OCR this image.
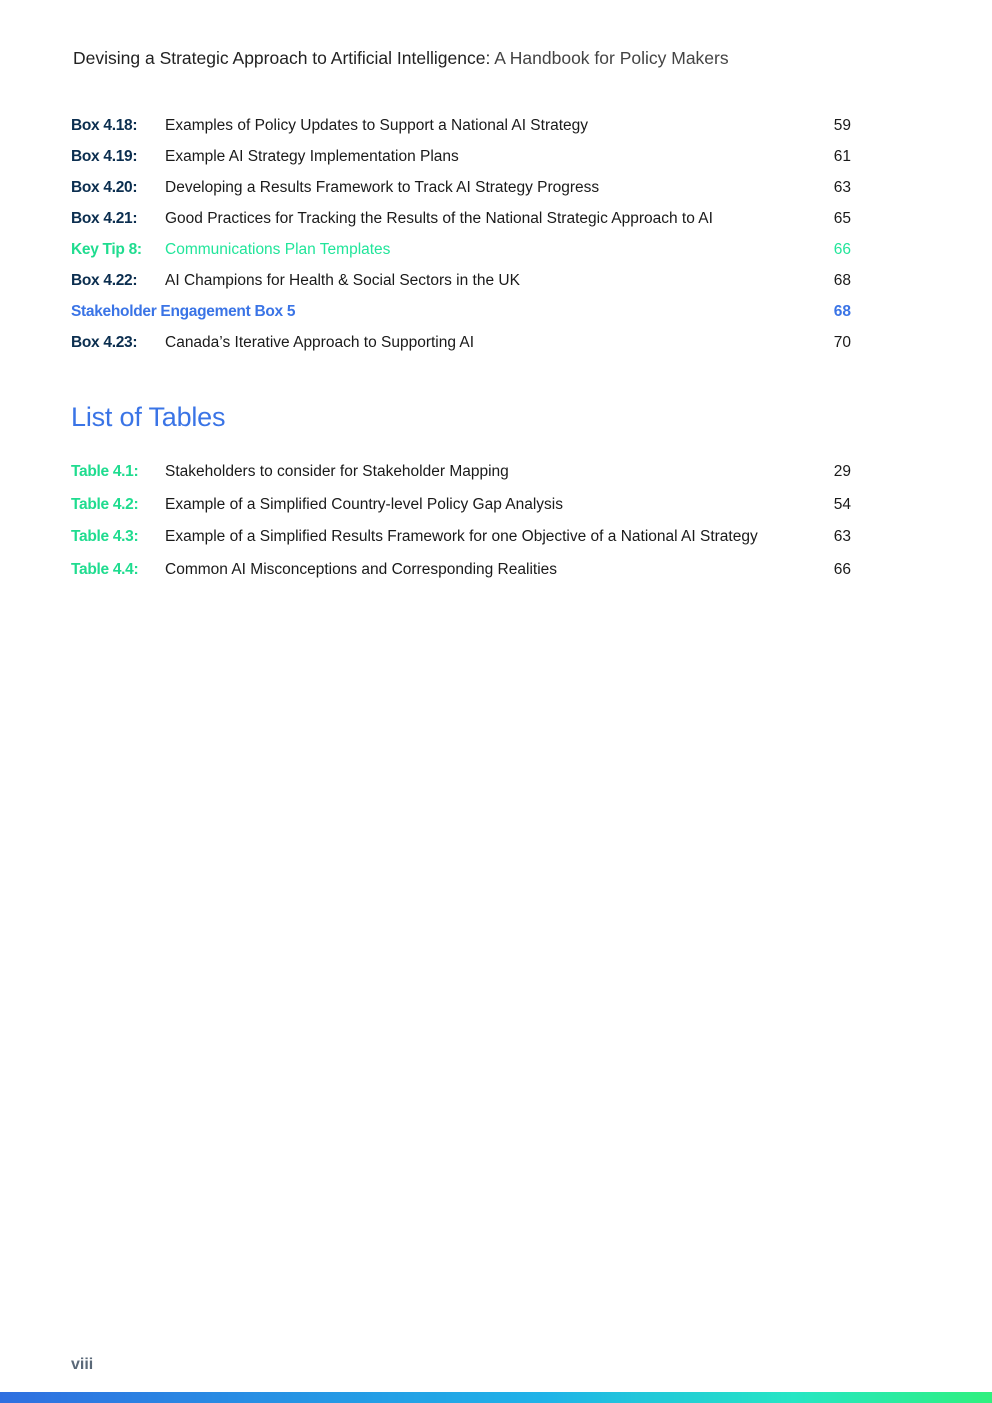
Devising a Strategic Approach to Artificial Intelligence: A Handbook for Policy Makers
Box 4.18: Examples of Policy Updates to Support a National AI Strategy	59
Box 4.19: Example AI Strategy Implementation Plans	61
Box 4.20: Developing a Results Framework to Track AI Strategy Progress	63
Box 4.21: Good Practices for Tracking the Results of the National Strategic Approach to AI	65
Key Tip 8: Communications Plan Templates	66
Box 4.22: AI Champions for Health & Social Sectors in the UK	68
Stakeholder Engagement Box 5	68
Box 4.23: Canada’s Iterative Approach to Supporting AI	70
List of Tables
Table 4.1: Stakeholders to consider for Stakeholder Mapping	29
Table 4.2: Example of a Simplified Country-level Policy Gap Analysis	54
Table 4.3: Example of a Simplified Results Framework for one Objective of a National AI Strategy	63
Table 4.4: Common AI Misconceptions and Corresponding Realities	66
viii
